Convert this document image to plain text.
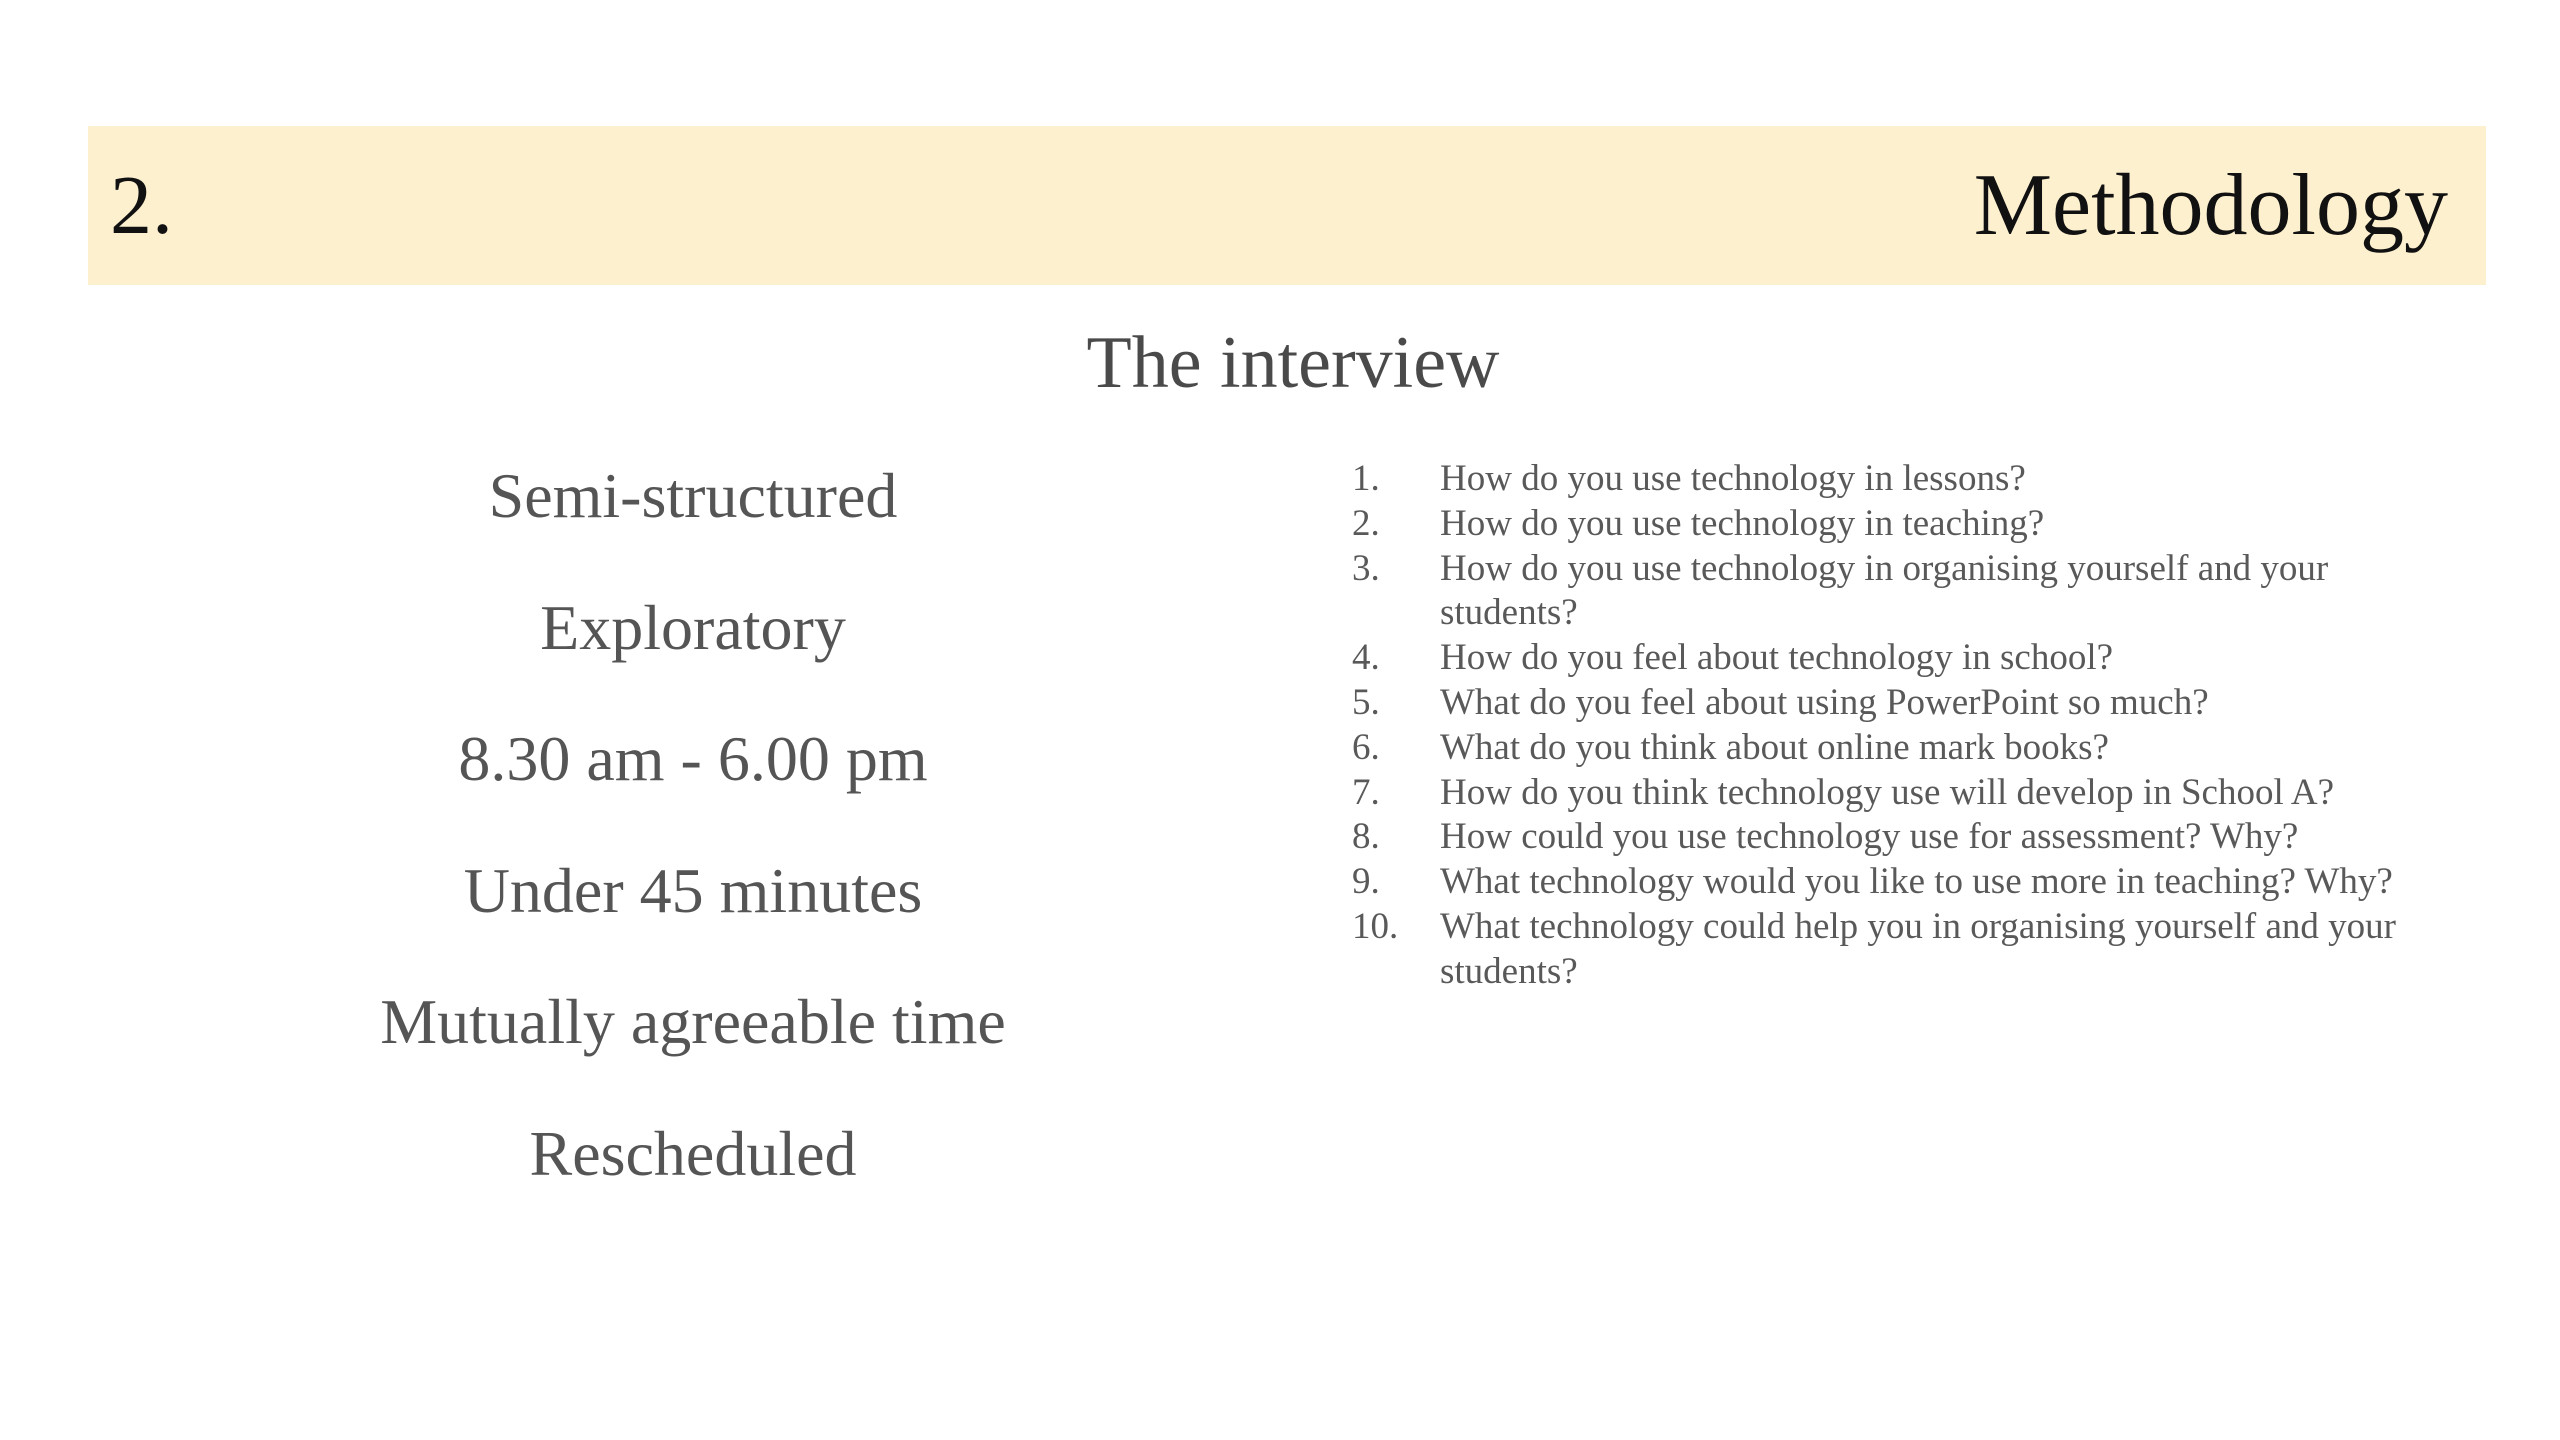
2.	Methodology
The interview
Semi-structured
Exploratory
8.30 am - 6.00 pm
Under 45 minutes
Mutually agreeable time
Rescheduled
1.	How do you use technology in lessons?
2.	How do you use technology in teaching?
3.	How do you use technology in organising yourself and your students?
4.	How do you feel about technology in school?
5.	What do you feel about using PowerPoint so much?
6.	What do you think about online mark books?
7.	How do you think technology use will develop in School A?
8.	How could you use technology use for assessment? Why?
9.	What technology would you like to use more in teaching? Why?
10.	What technology could help you in organising yourself and your students?
